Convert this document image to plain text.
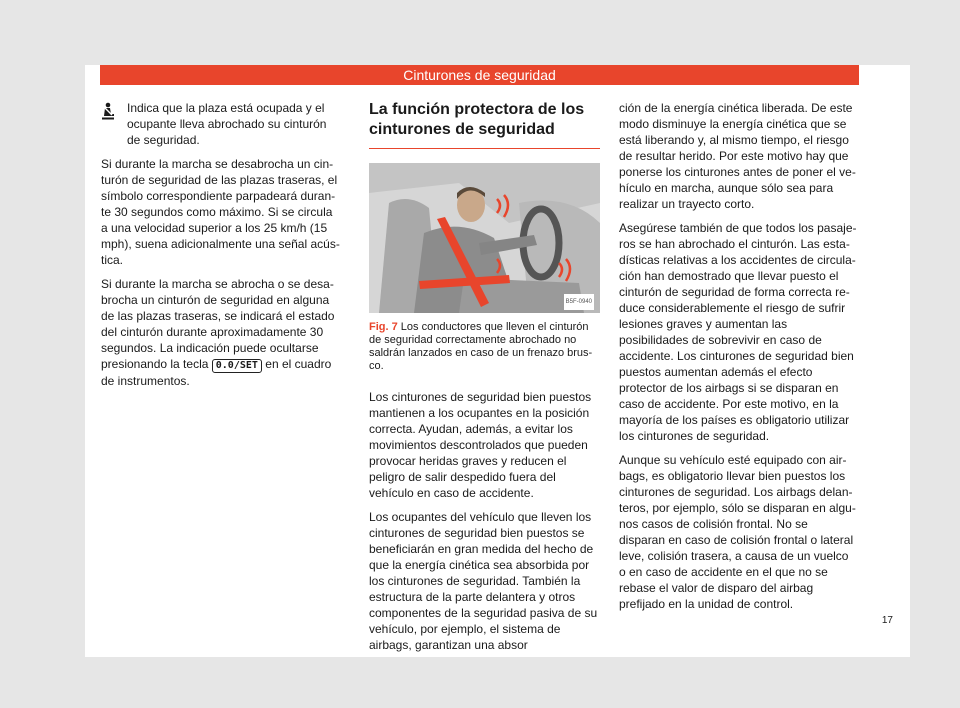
Cinturones de seguridad
Indica que la plaza está ocupada y el ocupante lleva abrochado su cinturón de seguridad.

Si durante la marcha se desabrocha un cinturón de seguridad de las plazas traseras, el símbolo correspondiente parpadeará durante 30 segundos como máximo. Si se circula a una velocidad superior a los 25 km/h (15 mph), suena adicionalmente una señal acústica.

Si durante la marcha se abrocha o se desabrocha un cinturón de seguridad en alguna de las plazas traseras, se indicará el estado del cinturón durante aproximadamente 30 segundos. La indicación puede ocultarse presionando la tecla 0.0/SET en el cuadro de instrumentos.

La función protectora de los cinturones de seguridad
B5F-0940
Fig. 7 Los conductores que lleven el cinturón de seguridad correctamente abrochado no saldrán lanzados en caso de un frenazo brusco.

Los cinturones de seguridad bien puestos mantienen a los ocupantes en la posición correcta. Ayudan, además, a evitar los movimientos descontrolados que pueden provocar heridas graves y reducen el peligro de salir despedido fuera del vehículo en caso de accidente.

Los ocupantes del vehículo que lleven los cinturones de seguridad bien puestos se beneficiarán en gran medida del hecho de que la energía cinética sea absorbida por los cinturones de seguridad. También la estructura de la parte delantera y otros componentes de la seguridad pasiva de su vehículo, por ejemplo, el sistema de airbags, garantizan una absor

ción de la energía cinética liberada. De este modo disminuye la energía cinética que se está liberando y, al mismo tiempo, el riesgo de resultar herido. Por este motivo hay que ponerse los cinturones antes de poner el vehículo en marcha, aunque sólo sea para realizar un trayecto corto.

Asegúrese también de que todos los pasajeros se han abrochado el cinturón. Las estadísticas relativas a los accidentes de circulación han demostrado que llevar puesto el cinturón de seguridad de forma correcta reduce considerablemente el riesgo de sufrir lesiones graves y aumentan las posibilidades de sobrevivir en caso de accidente. Los cinturones de seguridad bien puestos aumentan además el efecto protector de los airbags si se disparan en caso de accidente. Por este motivo, en la mayoría de los países es obligatorio utilizar los cinturones de seguridad.

Aunque su vehículo esté equipado con airbags, es obligatorio llevar bien puestos los cinturones de seguridad. Los airbags delanteros, por ejemplo, sólo se disparan en algunos casos de colisión frontal. No se disparan en caso de colisión frontal o lateral leve, colisión trasera, a causa de un vuelco o en caso de accidente en el que no se rebase el valor de disparo del airbag prefijado en la unidad de control.

17
